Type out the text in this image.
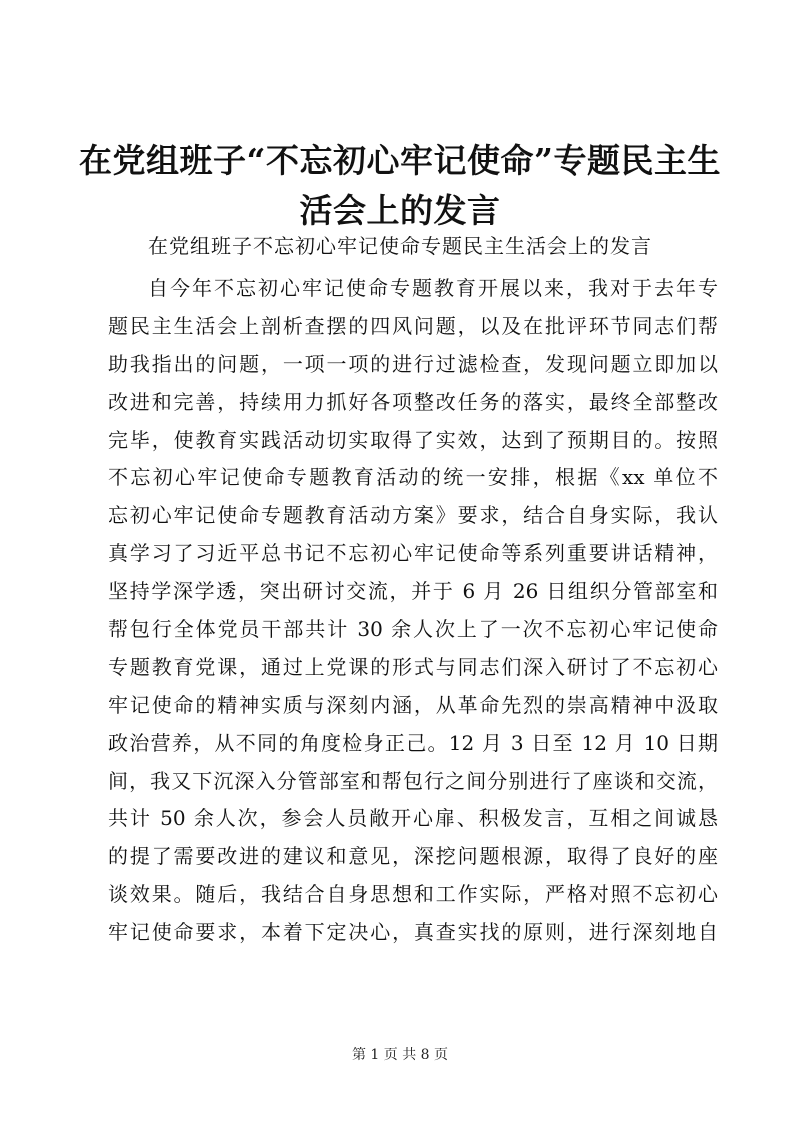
在党组班子“不忘初心牢记使命”专题民主生
活会上的发言

在党组班子不忘初心牢记使命专题民主生活会上的发言

自今年不忘初心牢记使命专题教育开展以来，我对于去年专
题民主生活会上剖析查摆的四风问题，以及在批评环节同志们帮
助我指出的问题，一项一项的进行过滤检查，发现问题立即加以
改进和完善，持续用力抓好各项整改任务的落实，最终全部整改
完毕，使教育实践活动切实取得了实效，达到了预期目的。按照
不忘初心牢记使命专题教育活动的统一安排，根据《xx 单位不
忘初心牢记使命专题教育活动方案》要求，结合自身实际，我认
真学习了习近平总书记不忘初心牢记使命等系列重要讲话精神，
坚持学深学透，突出研讨交流，并于 6 月 26 日组织分管部室和
帮包行全体党员干部共计 30 余人次上了一次不忘初心牢记使命
专题教育党课，通过上党课的形式与同志们深入研讨了不忘初心
牢记使命的精神实质与深刻内涵，从革命先烈的崇高精神中汲取
政治营养，从不同的角度检身正己。12 月 3 日至 12 月 10 日期
间，我又下沉深入分管部室和帮包行之间分别进行了座谈和交流，
共计 50 余人次，参会人员敞开心扉、积极发言，互相之间诚恳
的提了需要改进的建议和意见，深挖问题根源，取得了良好的座
谈效果。随后，我结合自身思想和工作实际，严格对照不忘初心
牢记使命要求，本着下定决心，真查实找的原则，进行深刻地自
第 1 页 共 8 页
